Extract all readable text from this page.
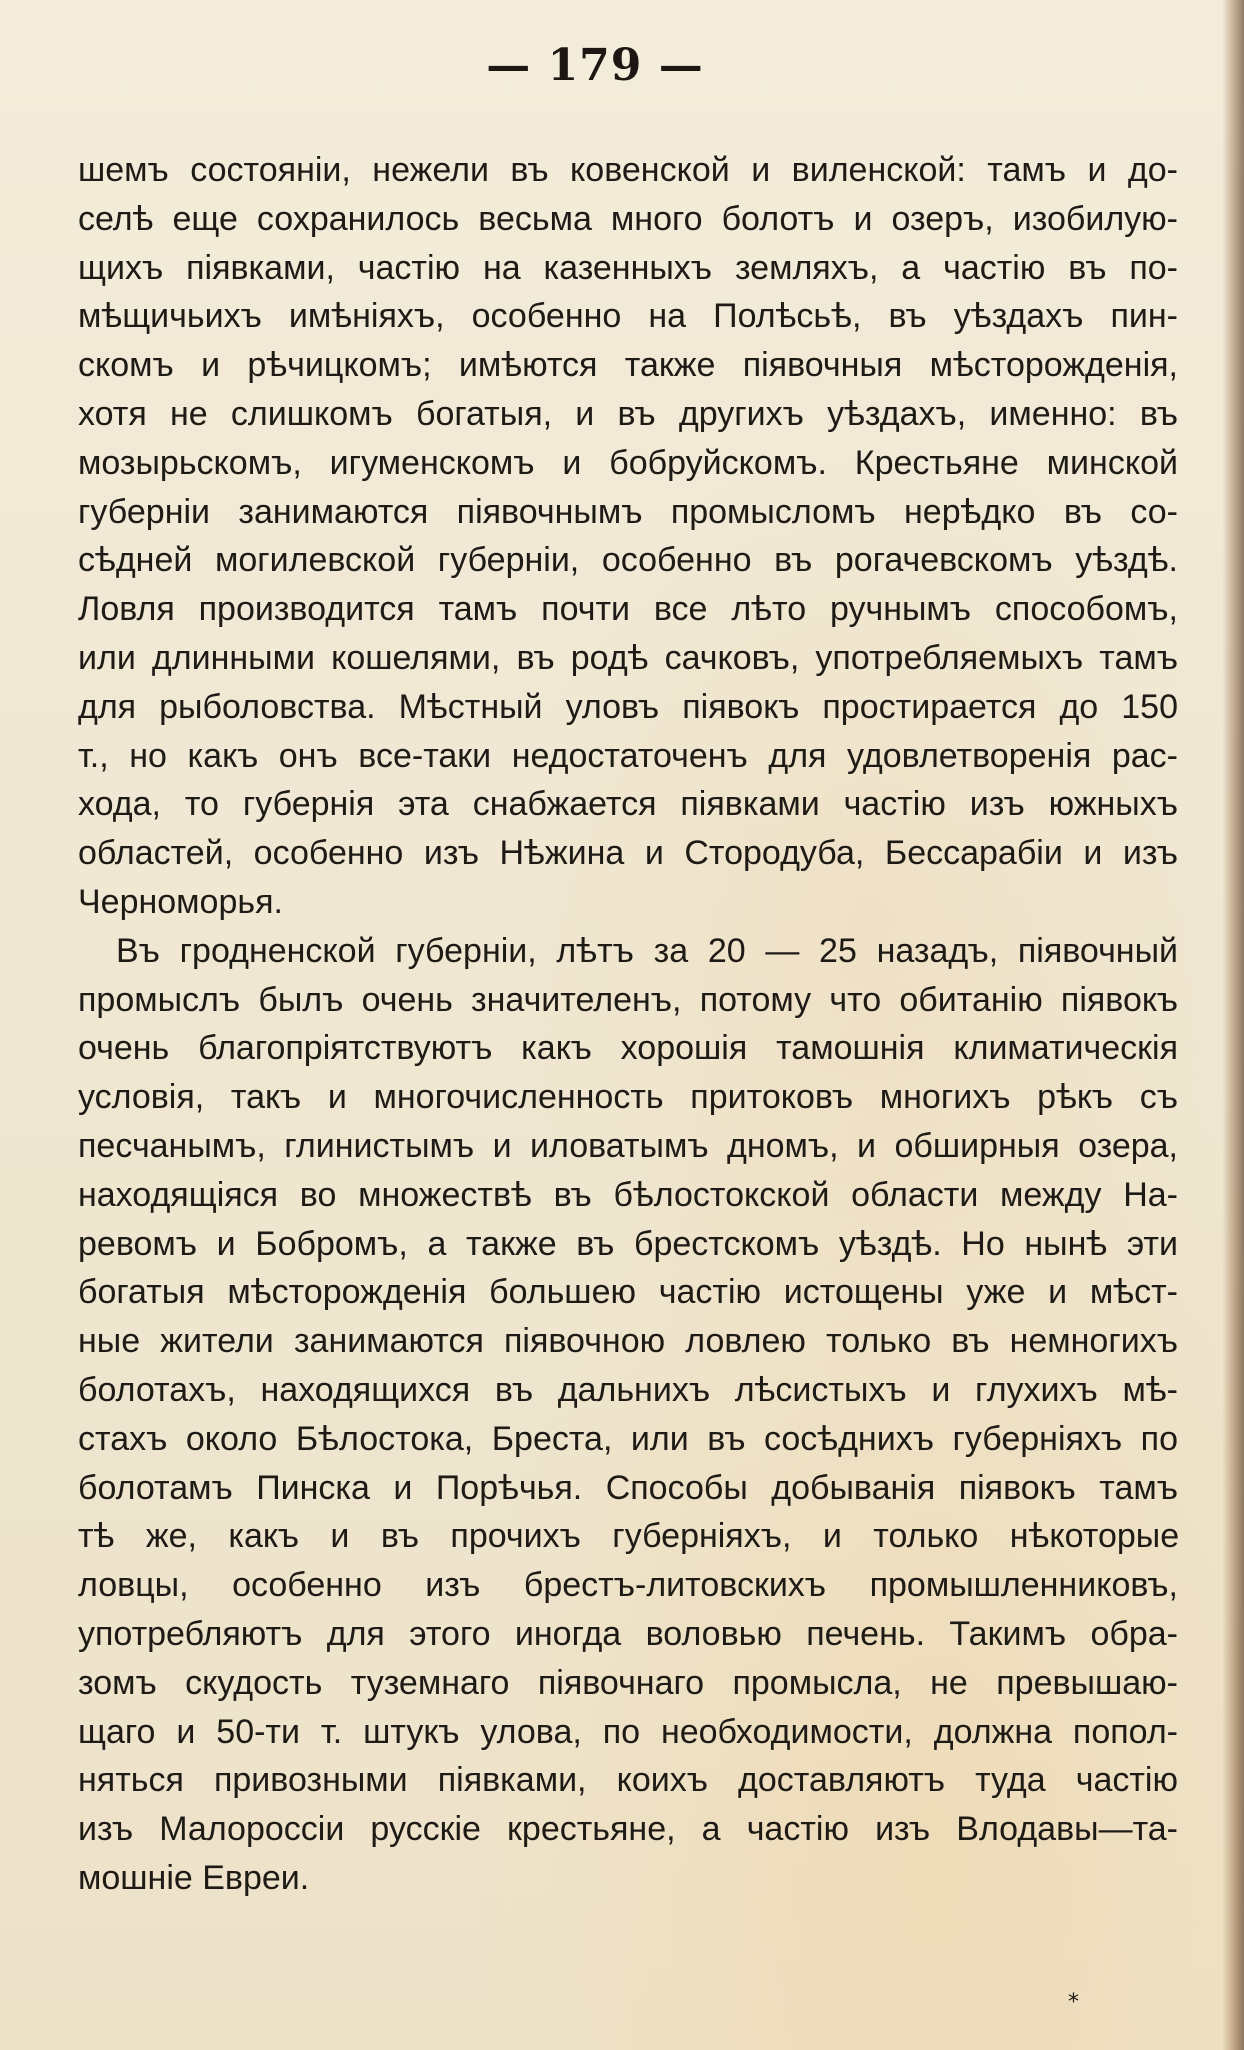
— 179 —
шемъ состоянiи, нежели въ ковенской и виленской: тамъ и до-
селѣ еще сохранилось весьма много болотъ и озеръ, изобилую-
щихъ пiявками, частiю на казенныхъ земляхъ, а частiю въ по-
мѣщичьихъ имѣнiяхъ, особенно на Полѣсьѣ, въ уѣздахъ пин-
скомъ и рѣчицкомъ; имѣются также пiявочныя мѣсторожденiя,
хотя не слишкомъ богатыя, и въ другихъ уѣздахъ, именно: въ
мозырьскомъ, игуменскомъ и бобруйскомъ. Крестьяне минской
губернiи занимаются пiявочнымъ промысломъ нерѣдко въ со-
сѣдней могилевской губернiи, особенно въ рогачевскомъ уѣздѣ.
Ловля производится тамъ почти все лѣто ручнымъ способомъ,
или длинными кошелями, въ родѣ сачковъ, употребляемыхъ тамъ
для рыболовства. Мѣстный уловъ пiявокъ простирается до 150
т., но какъ онъ все-таки недостаточенъ для удовлетворенiя рас-
хода, то губернiя эта снабжается пiявками частiю изъ южныхъ
областей, особенно изъ Нѣжина и Стородуба, Бессарабiи и изъ
Черноморья.
Въ гродненской губернiи, лѣтъ за 20 — 25 назадъ, пiявочный
промыслъ былъ очень значителенъ, потому что обитанiю пiявокъ
очень благопрiятствуютъ какъ хорошiя тамошнiя климатическiя
условiя, такъ и многочисленность притоковъ многихъ рѣкъ съ
песчанымъ, глинистымъ и иловатымъ дномъ, и обширныя озера,
находящiяся во множествѣ въ бѣлостокской области между На-
ревомъ и Бобромъ, а также въ брестскомъ уѣздѣ. Но нынѣ эти
богатыя мѣсторожденiя большею частiю истощены уже и мѣст-
ные жители занимаются пiявочною ловлею только въ немногихъ
болотахъ, находящихся въ дальнихъ лѣсистыхъ и глухихъ мѣ-
стахъ около Бѣлостока, Бреста, или въ сосѣднихъ губернiяхъ по
болотамъ Пинска и Порѣчья. Способы добыванiя пiявокъ тамъ
тѣ же, какъ и въ прочихъ губернiяхъ, и только нѣкоторые
ловцы, особенно изъ брестъ-литовскихъ промышленниковъ,
употребляютъ для этого иногда воловью печень. Такимъ обра-
зомъ скудость туземнаго пiявочнаго промысла, не превышаю-
щаго и 50-ти т. штукъ улова, по необходимости, должна попол-
няться привозными пiявками, коихъ доставляютъ туда частiю
изъ Малороссiи русскiе крестьяне, а частiю изъ Влодавы—та-
мошнiе Евреи.
*
